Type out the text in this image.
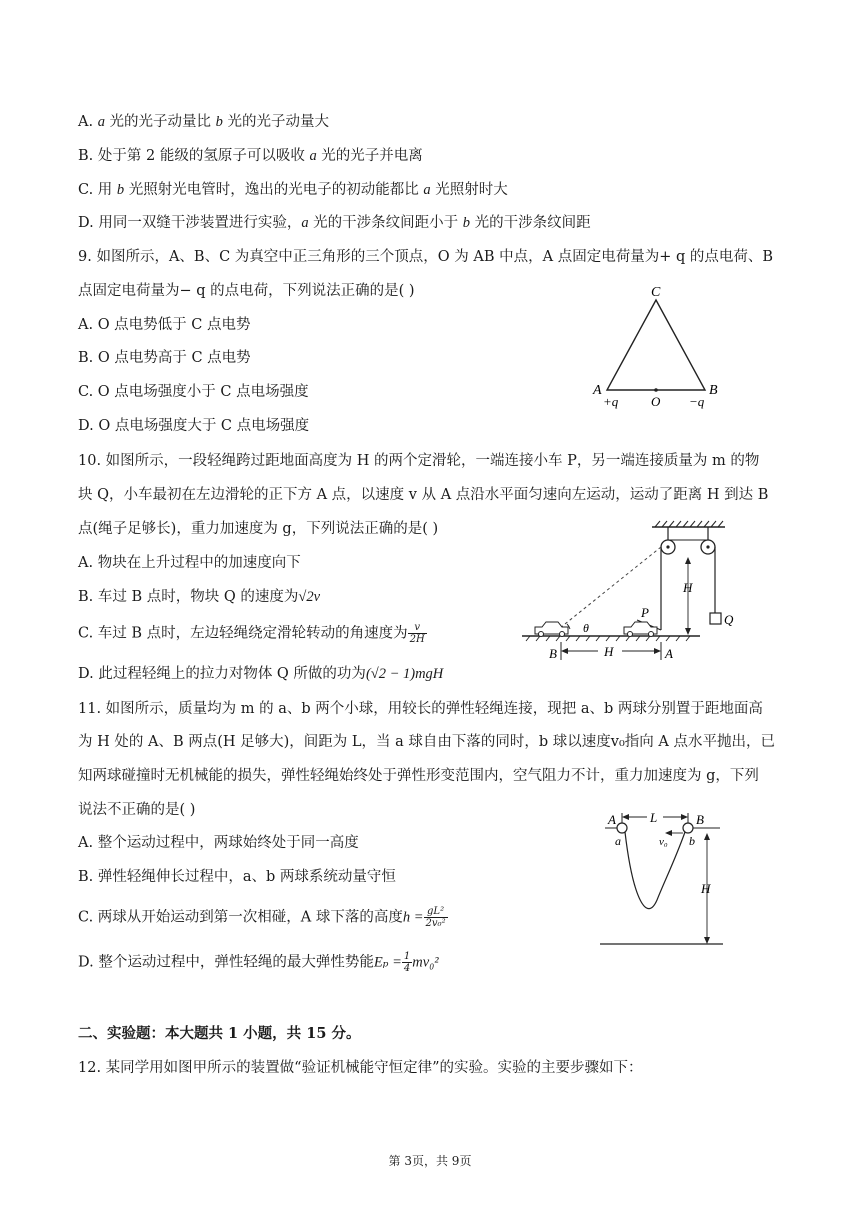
A. a 光的光子动量比 b 光的光子动量大
B. 处于第 2 能级的氢原子可以吸收 a 光的光子并电离
C. 用 b 光照射光电管时，逸出的光电子的初动能都比 a 光照射时大
D. 用同一双缝干涉装置进行实验，a 光的干涉条纹间距小于 b 光的干涉条纹间距
9. 如图所示，A、B、C 为真空中正三角形的三个顶点，O 为 AB 中点，A 点固定电荷量为+ q 的点电荷、B
点固定电荷量为− q 的点电荷，下列说法正确的是( )
A. O 点电势低于 C 点电势
B. O 点电势高于 C 点电势
C. O 点电场强度小于 C 点电场强度
D. O 点电场强度大于 C 点电场强度
C
A	B
+q	O −q
10. 如图所示，一段轻绳跨过距地面高度为 H 的两个定滑轮，一端连接小车 P，另一端连接质量为 m 的物
块 Q，小车最初在左边滑轮的正下方 A 点，以速度 v 从 A 点沿水平面匀速向左运动，运动了距离 H 到达 B
点(绳子足够长)，重力加速度为 g，下列说法正确的是( )
A. 物块在上升过程中的加速度向下
B. 车过 B 点时，物块 Q 的速度为√2v
C. 车过 B 点时，左边轻绳绕定滑轮转动的角速度为 $\frac{v}{2H}$
D. 此过程轻绳上的拉力对物体 Q 所做的功为(√2 − 1)mgH
Q
H
P
θ
H
B	A
11. 如图所示，质量均为 m 的 a、b 两个小球，用较长的弹性轻绳连接，现把 a、b 两球分别置于距地面高
为 H 处的 A、B 两点(H 足够大)，间距为 L，当 a 球自由下落的同时，b 球以速度v₀指向 A 点水平抛出，已
知两球碰撞时无机械能的损失，弹性轻绳始终处于弹性形变范围内，空气阻力不计，重力加速度为 g，下列
说法不正确的是( )
A. 整个运动过程中，两球始终处于同一高度
B. 弹性轻绳伸长过程中，a、b 两球系统动量守恒
C. 两球从开始运动到第一次相碰，A 球下落的高度$h = \frac{\text{gL²}}{\text{2v₀²}}$
D. 整个运动过程中，弹性轻绳的最大弹性势能$E_p = \frac{1}{4} mv_0^2$
L
A	B
a	v₀ b
H
二、实验题：本大题共 1 小题，共 15 分。
12. 某同学用如图甲所示的装置做“验证机械能守恒定律”的实验。实验的主要步骤如下：
第 3页，共 9页
